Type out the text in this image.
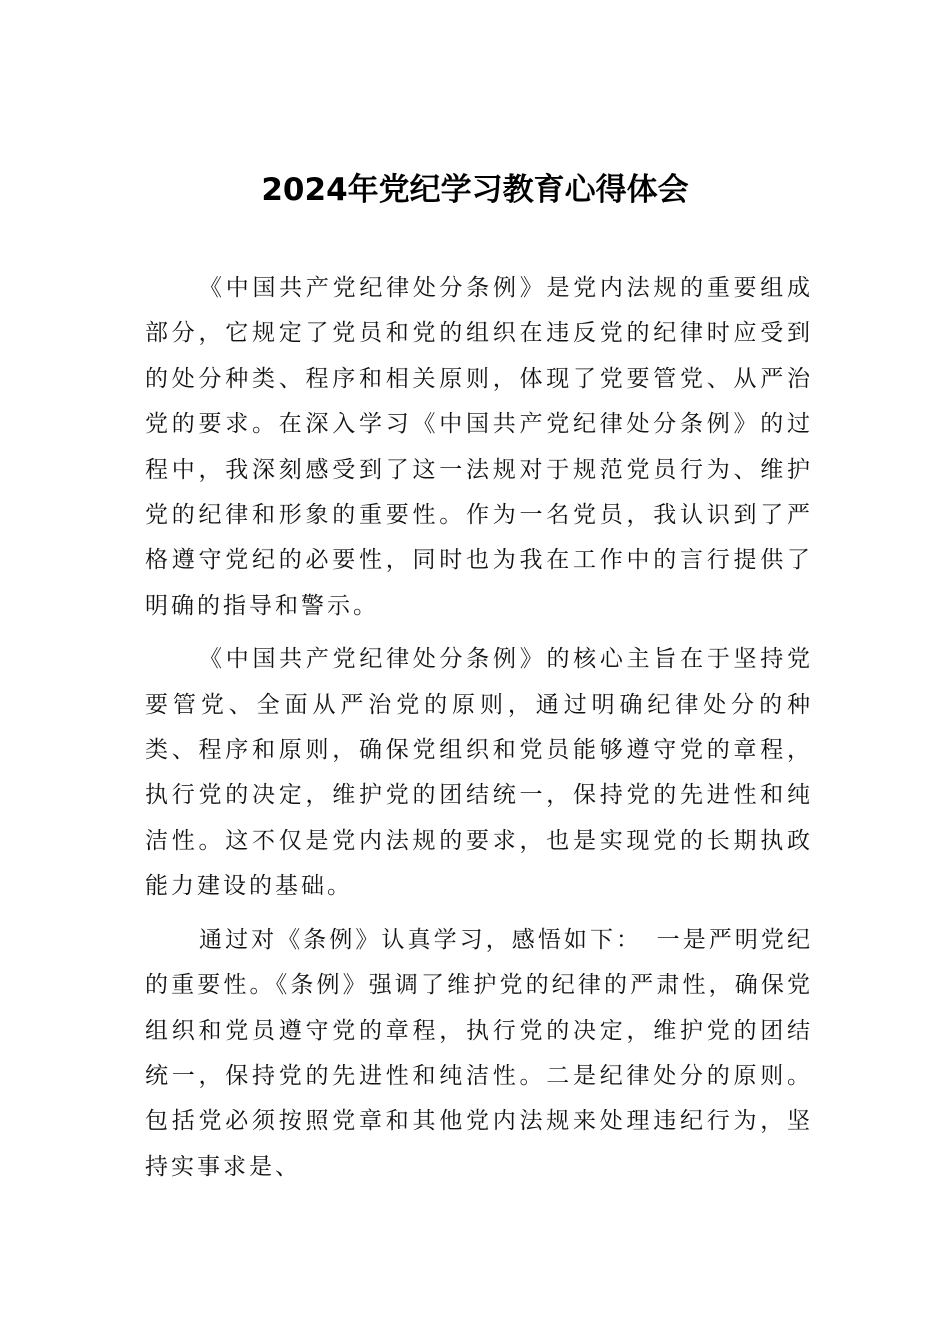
2024年党纪学习教育心得体会

《中国共产党纪律处分条例》是党内法规的重要组成部分，它规定了党员和党的组织在违反党的纪律时应受到的处分种类、程序和相关原则，体现了党要管党、从严治党的要求。在深入学习《中国共产党纪律处分条例》的过程中，我深刻感受到了这一法规对于规范党员行为、维护党的纪律和形象的重要性。作为一名党员，我认识到了严格遵守党纪的必要性，同时也为我在工作中的言行提供了明确的指导和警示。

《中国共产党纪律处分条例》的核心主旨在于坚持党要管党、全面从严治党的原则，通过明确纪律处分的种类、程序和原则，确保党组织和党员能够遵守党的章程，执行党的决定，维护党的团结统一，保持党的先进性和纯洁性。这不仅是党内法规的要求，也是实现党的长期执政能力建设的基础。

通过对《条例》认真学习，感悟如下：　一是严明党纪的重要性。《条例》强调了维护党的纪律的严肃性，确保党组织和党员遵守党的章程，执行党的决定，维护党的团结统一，保持党的先进性和纯洁性。二是纪律处分的原则。包括党必须按照党章和其他党内法规来处理违纪行为，坚持实事求是、
